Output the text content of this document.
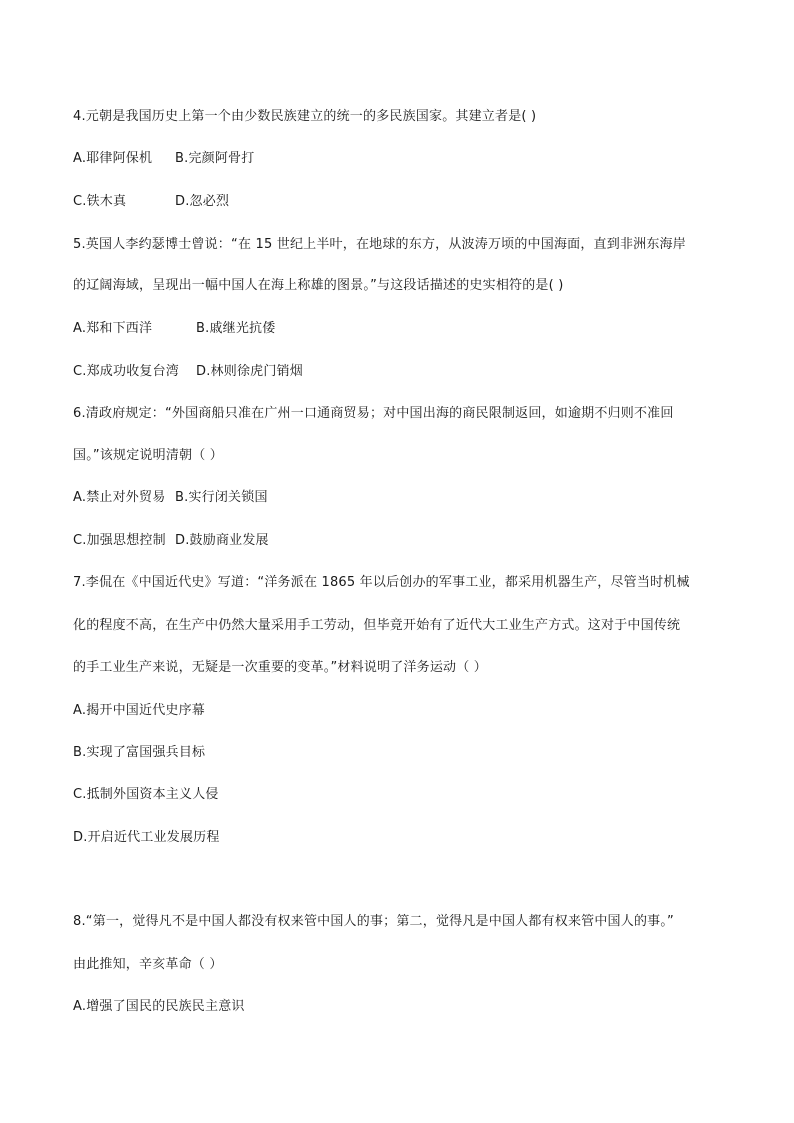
4.元朝是我国历史上第一个由少数民族建立的统一的多民族国家。其建立者是( )
A.耶律阿保机 B.完颜阿骨打
C.铁木真	D.忽必烈
5.英国人李约瑟博士曾说：“在 15 世纪上半叶，在地球的东方，从波涛万顷的中国海面，直到非洲东海岸
的辽阔海域，呈现出一幅中国人在海上称雄的图景。”与这段话描述的史实相符的是( )
A.郑和下西洋	B.戚继光抗倭
C.郑成功收复台湾 D.林则徐虎门销烟
6.清政府规定：“外国商船只准在广州一口通商贸易；对中国出海的商民限制返回，如逾期不归则不准回
国。”该规定说明清朝（ ）
A.禁止对外贸易 B.实行闭关锁国
C.加强思想控制 D.鼓励商业发展
7.李侃在《中国近代史》写道：“洋务派在 1865 年以后创办的军事工业，都采用机器生产，尽管当时机械
化的程度不高，在生产中仍然大量采用手工劳动，但毕竟开始有了近代大工业生产方式。这对于中国传统
的手工业生产来说，无疑是一次重要的变革。”材料说明了洋务运动（ ）
A.揭开中国近代史序幕
B.实现了富国强兵目标
C.抵制外国资本主义人侵
D.开启近代工业发展历程
8.“第一，觉得凡不是中国人都没有权来管中国人的事；第二，觉得凡是中国人都有权来管中国人的事。”
由此推知，辛亥革命（ ）
A.增强了国民的民族民主意识
